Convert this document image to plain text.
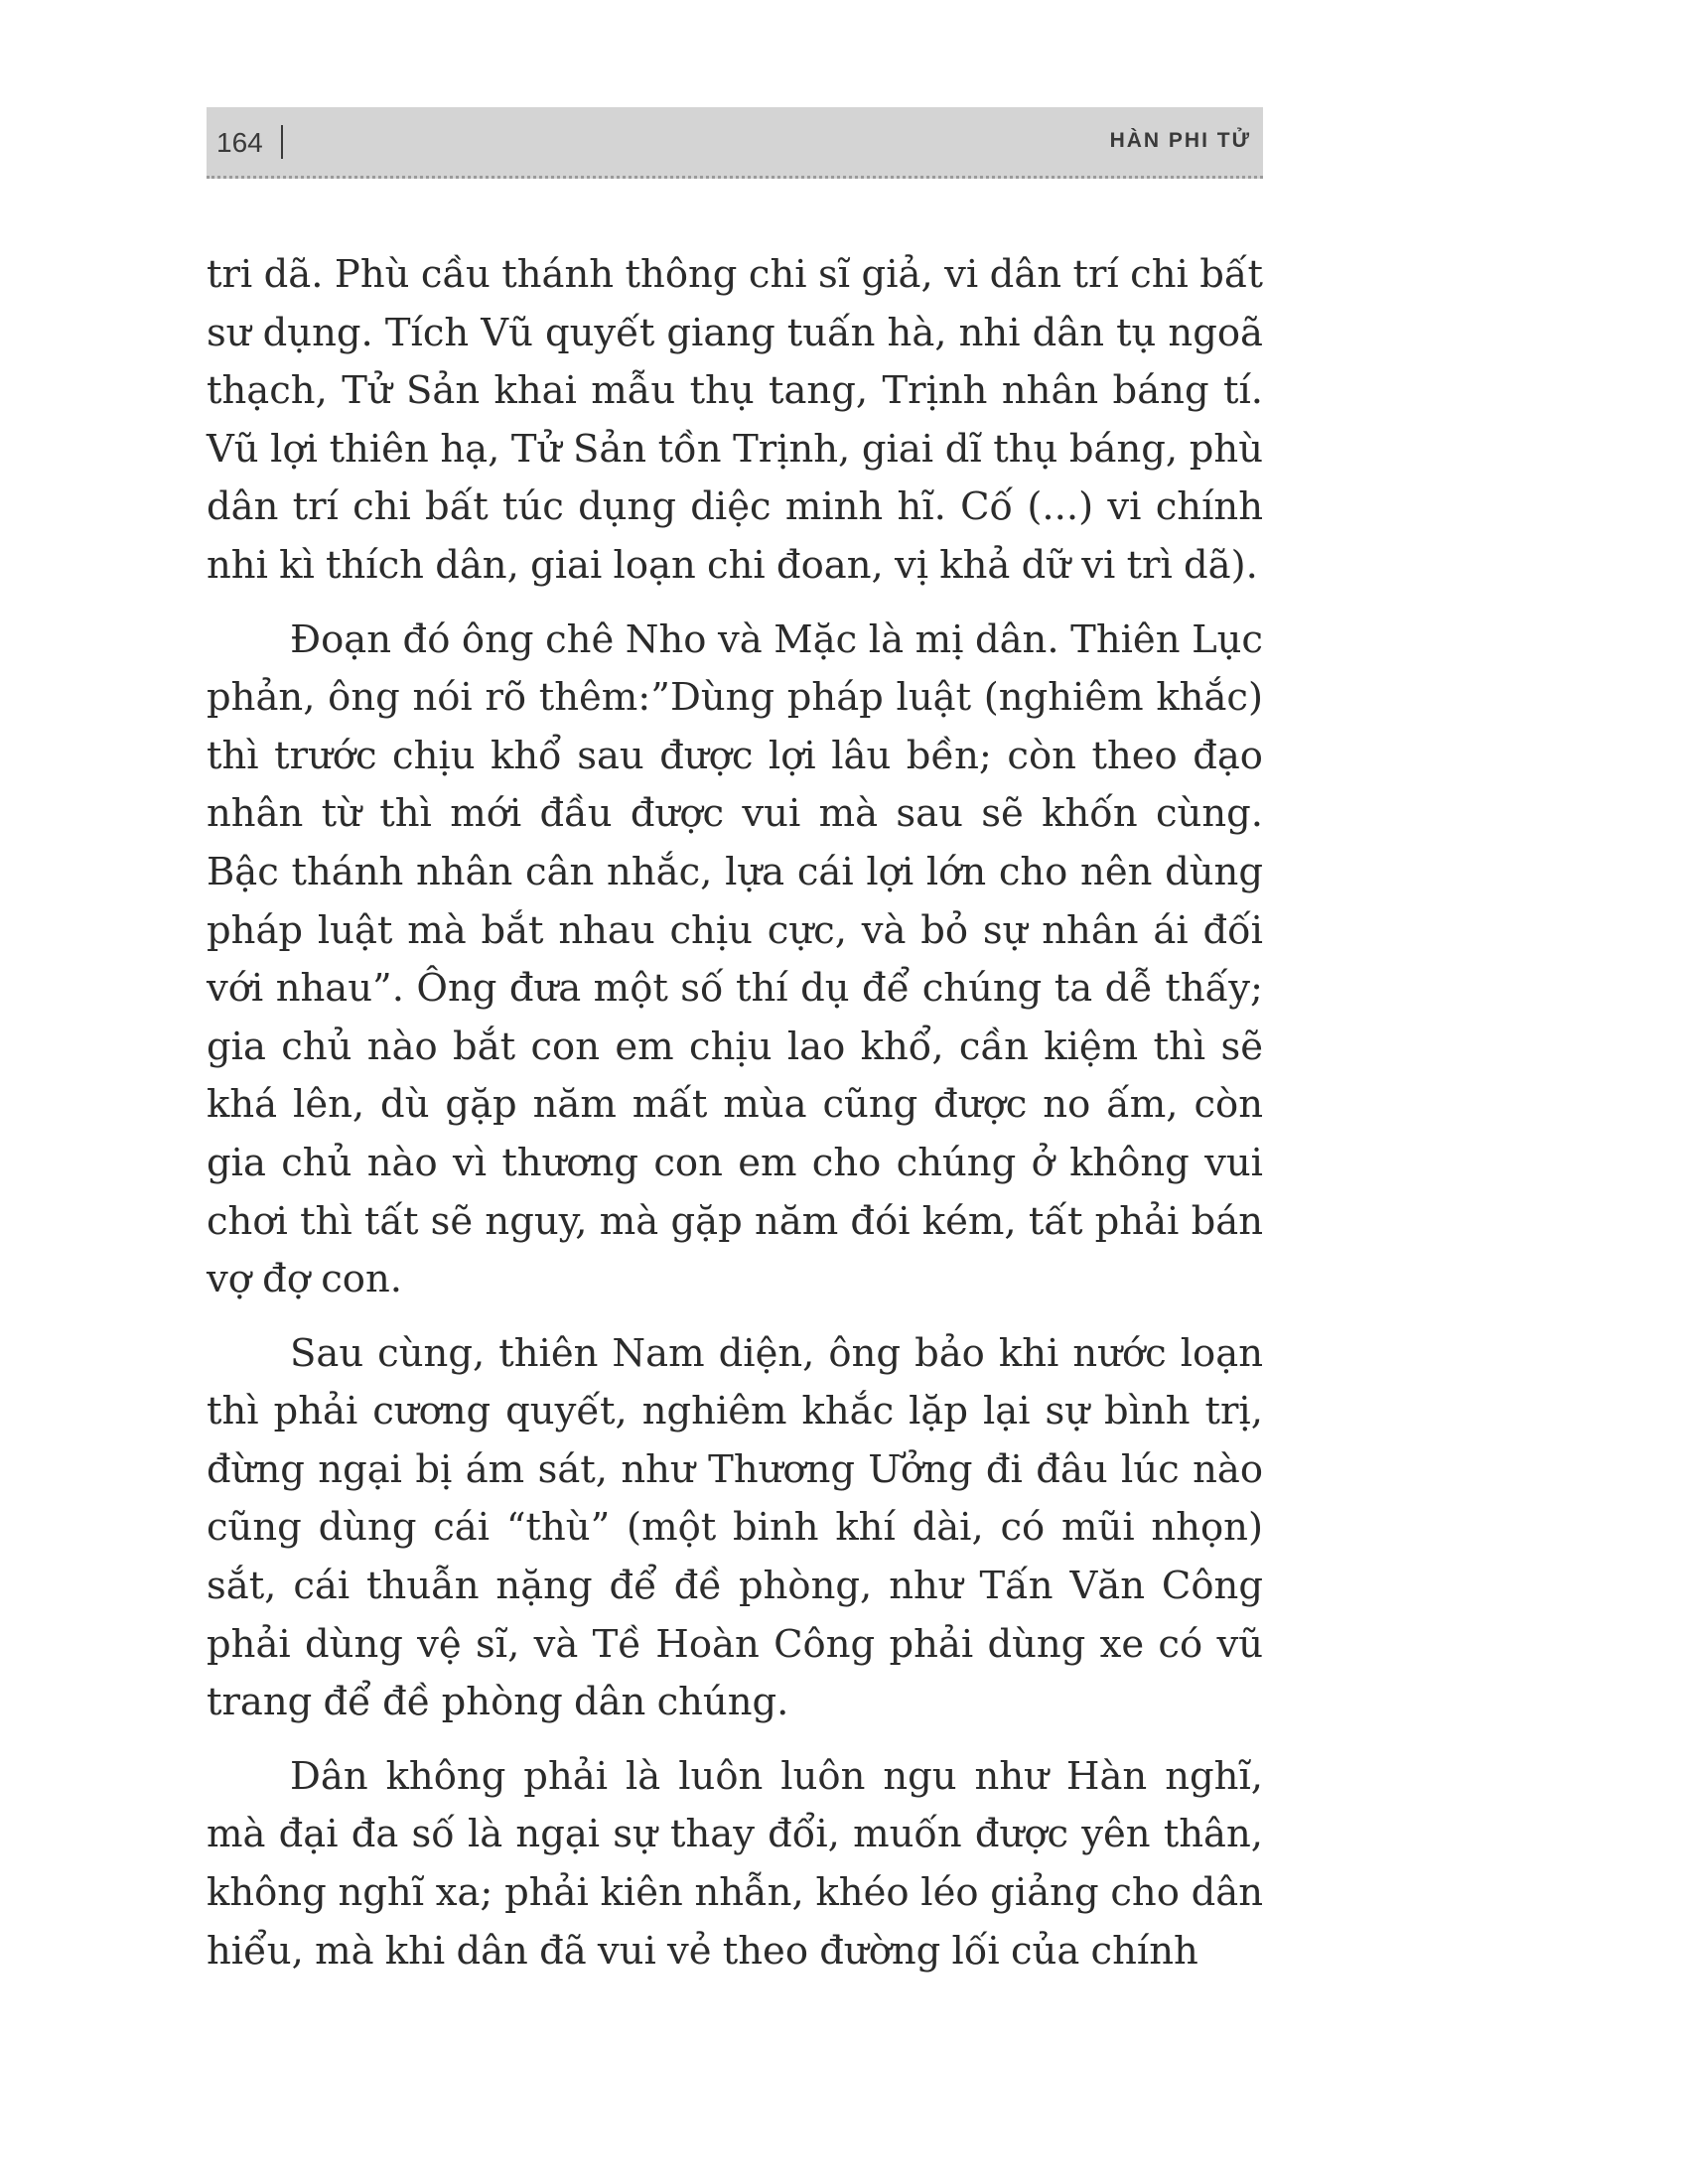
164	HÀN PHI TỬ

tri dã. Phù cầu thánh thông chi sĩ giả, vi dân trí chi bất sư dụng. Tích Vũ quyết giang tuấn hà, nhi dân tụ ngoã thạch, Tử Sản khai mẫu thụ tang, Trịnh nhân báng tí. Vũ lợi thiên hạ, Tử Sản tồn Trịnh, giai dĩ thụ báng, phù dân trí chi bất túc dụng diệc minh hĩ. Cố (...) vi chính nhi kì thích dân, giai loạn chi đoan, vị khả dữ vi trì dã).

Đoạn đó ông chê Nho và Mặc là mị dân. Thiên Lục phản, ông nói rõ thêm:”Dùng pháp luật (nghiêm khắc) thì trước chịu khổ sau được lợi lâu bền; còn theo đạo nhân từ thì mới đầu được vui mà sau sẽ khốn cùng. Bậc thánh nhân cân nhắc, lựa cái lợi lớn cho nên dùng pháp luật mà bắt nhau chịu cực, và bỏ sự nhân ái đối với nhau”. Ông đưa một số thí dụ để chúng ta dễ thấy; gia chủ nào bắt con em chịu lao khổ, cần kiệm thì sẽ khá lên, dù gặp năm mất mùa cũng được no ấm, còn gia chủ nào vì thương con em cho chúng ở không vui chơi thì tất sẽ nguy, mà gặp năm đói kém, tất phải bán vợ đợ con.

Sau cùng, thiên Nam diện, ông bảo khi nước loạn thì phải cương quyết, nghiêm khắc lặp lại sự bình trị, đừng ngại bị ám sát, như Thương Ưởng đi đâu lúc nào cũng dùng cái “thù” (một binh khí dài, có mũi nhọn) sắt, cái thuẫn nặng để đề phòng, như Tấn Văn Công phải dùng vệ sĩ, và Tề Hoàn Công phải dùng xe có vũ trang để đề phòng dân chúng.

Dân không phải là luôn luôn ngu như Hàn nghĩ, mà đại đa số là ngại sự thay đổi, muốn được yên thân, không nghĩ xa; phải kiên nhẫn, khéo léo giảng cho dân hiểu, mà khi dân đã vui vẻ theo đường lối của chính
